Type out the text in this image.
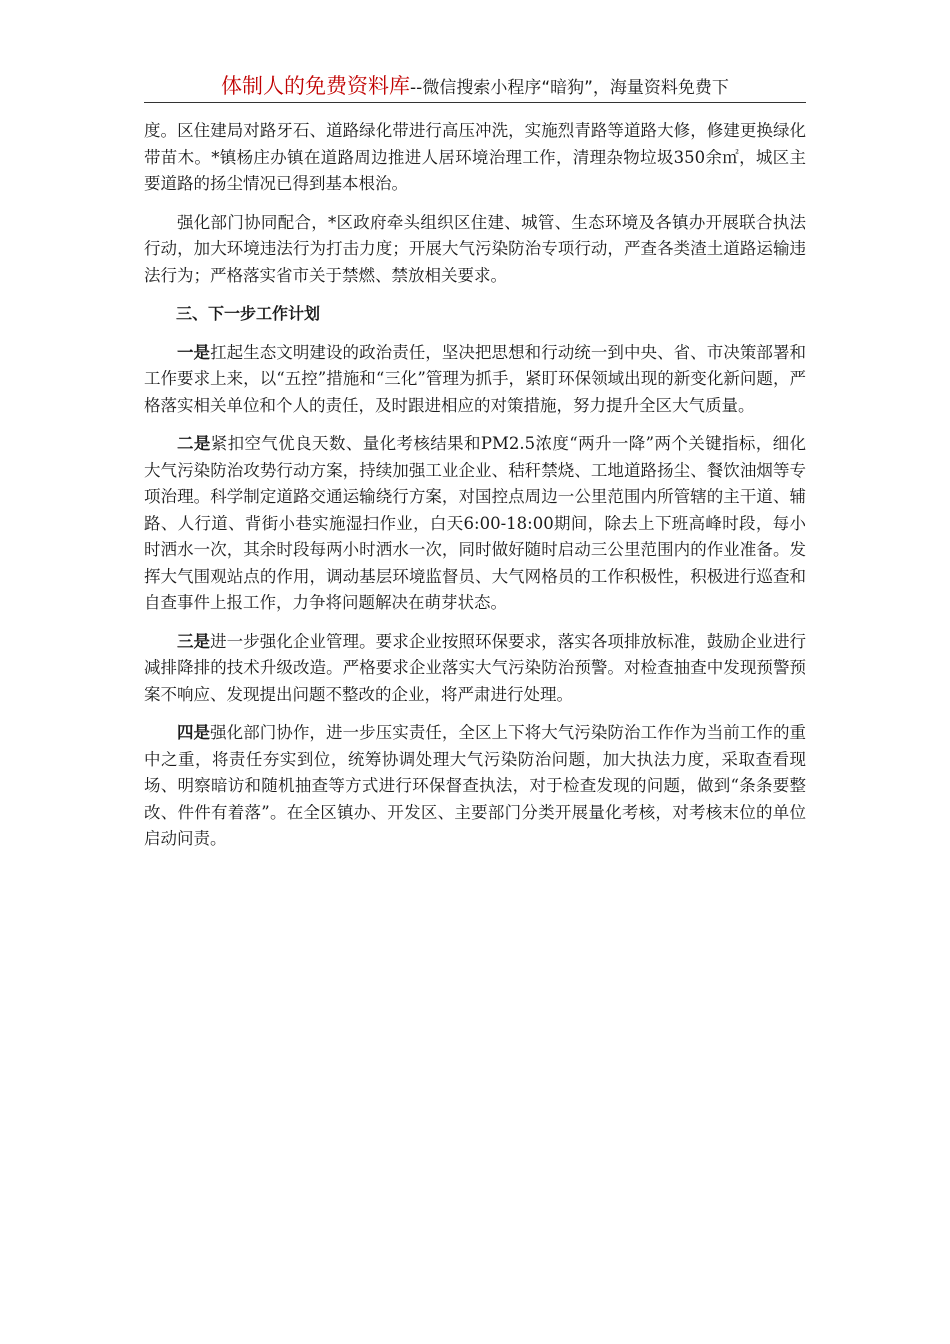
体制人的免费资料库--微信搜索小程序“暗狗”，海量资料免费下

度。区住建局对路牙石、道路绿化带进行高压冲洗，实施烈青路等道路大修，修建更换绿化带苗木。*镇杨庄办镇在道路周边推进人居环境治理工作，清理杂物垃圾350余㎡，城区主要道路的扬尘情况已得到基本根治。

强化部门协同配合，*区政府牵头组织区住建、城管、生态环境及各镇办开展联合执法行动，加大环境违法行为打击力度；开展大气污染防治专项行动，严查各类渣土道路运输违法行为；严格落实省市关于禁燃、禁放相关要求。

三、下一步工作计划

一是扛起生态文明建设的政治责任，坚决把思想和行动统一到中央、省、市决策部署和工作要求上来，以“五控”措施和“三化”管理为抓手，紧盯环保领域出现的新变化新问题，严格落实相关单位和个人的责任，及时跟进相应的对策措施，努力提升全区大气质量。

二是紧扣空气优良天数、量化考核结果和PM2.5浓度“两升一降”两个关键指标，细化大气污染防治攻势行动方案，持续加强工业企业、秸秆禁烧、工地道路扬尘、餐饮油烟等专项治理。科学制定道路交通运输绕行方案，对国控点周边一公里范围内所管辖的主干道、辅路、人行道、背街小巷实施湿扫作业，白天6:00-18:00期间，除去上下班高峰时段，每小时洒水一次，其余时段每两小时洒水一次，同时做好随时启动三公里范围内的作业准备。发挥大气围观站点的作用，调动基层环境监督员、大气网格员的工作积极性，积极进行巡查和自查事件上报工作，力争将问题解决在萌芽状态。

三是进一步强化企业管理。要求企业按照环保要求，落实各项排放标准，鼓励企业进行减排降排的技术升级改造。严格要求企业落实大气污染防治预警。对检查抽查中发现预警预案不响应、发现提出问题不整改的企业，将严肃进行处理。

四是强化部门协作，进一步压实责任，全区上下将大气污染防治工作作为当前工作的重中之重，将责任夯实到位，统筹协调处理大气污染防治问题，加大执法力度，采取查看现场、明察暗访和随机抽查等方式进行环保督查执法，对于检查发现的问题，做到“条条要整改、件件有着落”。在全区镇办、开发区、主要部门分类开展量化考核，对考核末位的单位启动问责。
